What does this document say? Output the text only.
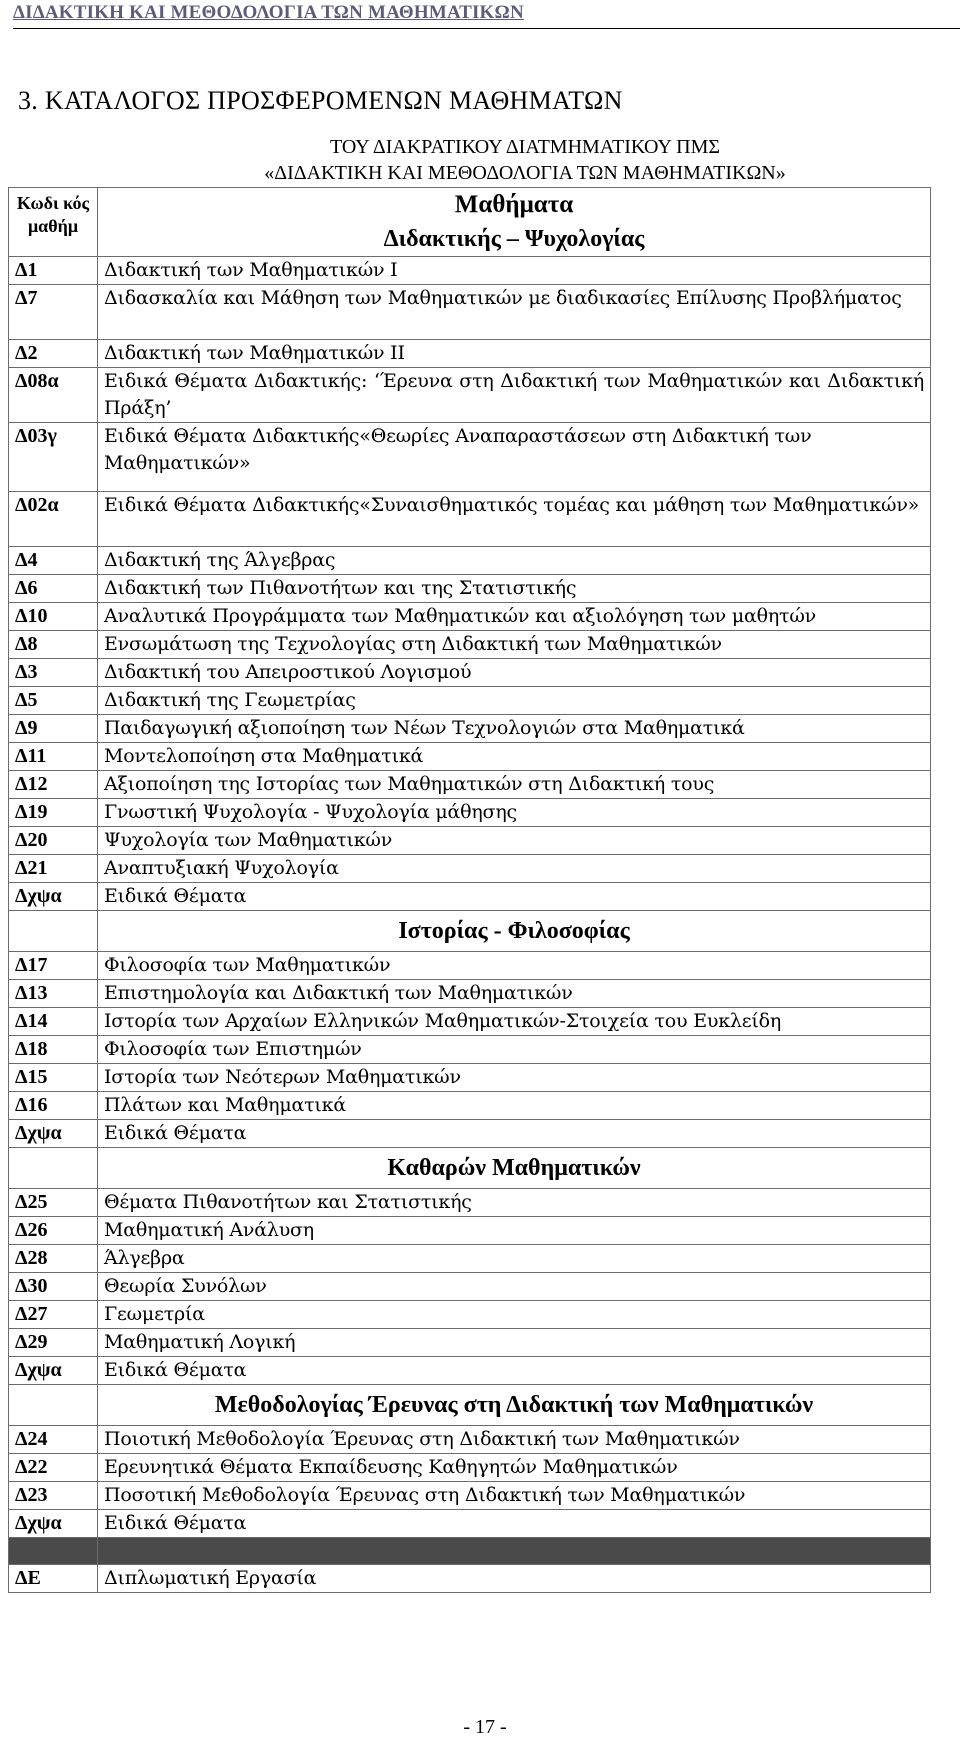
ΔΙΔΑΚΤΙΚΗ ΚΑΙ ΜΕΘΟΔΟΛΟΓΙΑ ΤΩΝ ΜΑΘΗΜΑΤΙΚΩΝ
3. ΚΑΤΑΛΟΓΟΣ ΠΡΟΣΦΕΡΟΜΕΝΩΝ ΜΑΘΗΜΑΤΩΝ
ΤΟΥ ΔΙΑΚΡΑΤΙΚΟΥ ΔΙΑΤΜΗΜΑΤΙΚΟΥ ΠΜΣ
«ΔΙΔΑΚΤΙΚΗ ΚΑΙ ΜΕΘΟΔΟΛΟΓΙΑ ΤΩΝ ΜΑΘΗΜΑΤΙΚΩΝ»
Κωδι κός μαθήμ	Μαθήματα
Διδακτικής – Ψυχολογίας

Δ1	Διδακτική των Μαθηματικών Ι
Δ7	Διδασκαλία και Μάθηση των Μαθηματικών με διαδικασίες Επίλυσης Προβλήματος
Δ2	Διδακτική των Μαθηματικών ΙΙ
Δ08α	Ειδικά Θέματα Διδακτικής: ‘Έρευνα στη Διδακτική των Μαθηματικών και Διδακτική Πράξη’
Δ03γ	Ειδικά Θέματα Διδακτικής«Θεωρίες Αναπαραστάσεων στη Διδακτική των Μαθηματικών»
Δ02α	Ειδικά Θέματα Διδακτικής«Συναισθηματικός τομέας και μάθηση των Μαθηματικών»
Δ4	Διδακτική της Άλγεβρας
Δ6	Διδακτική των Πιθανοτήτων και της Στατιστικής
Δ10	Αναλυτικά Προγράμματα των Μαθηματικών και αξιολόγηση των μαθητών
Δ8	Ενσωμάτωση της Τεχνολογίας στη Διδακτική των Μαθηματικών
Δ3	Διδακτική του Απειροστικού Λογισμού
Δ5	Διδακτική της Γεωμετρίας
Δ9	Παιδαγωγική αξιοποίηση των Νέων Τεχνολογιών στα Μαθηματικά
Δ11	Μοντελοποίηση στα Μαθηματικά
Δ12	Αξιοποίηση της Ιστορίας των Μαθηματικών στη Διδακτική τους
Δ19	Γνωστική Ψυχολογία - Ψυχολογία μάθησης
Δ20	Ψυχολογία των Μαθηματικών
Δ21	Αναπτυξιακή Ψυχολογία
Δχψα	Ειδικά Θέματα
	Ιστορίας - Φιλοσοφίας
Δ17	Φιλοσοφία των Μαθηματικών
Δ13	Επιστημολογία και Διδακτική των Μαθηματικών
Δ14	Ιστορία των Αρχαίων Ελληνικών Μαθηματικών-Στοιχεία του Ευκλείδη
Δ18	Φιλοσοφία των Επιστημών
Δ15	Ιστορία των Νεότερων Μαθηματικών
Δ16	Πλάτων και Μαθηματικά
Δχψα	Ειδικά Θέματα
	Καθαρών Μαθηματικών
Δ25	Θέματα Πιθανοτήτων και Στατιστικής
Δ26	Μαθηματική Ανάλυση
Δ28	Άλγεβρα
Δ30	Θεωρία Συνόλων
Δ27	Γεωμετρία
Δ29	Μαθηματική Λογική
Δχψα	Ειδικά Θέματα
	Μεθοδολογίας Έρευνας στη Διδακτική των Μαθηματικών
Δ24	Ποιοτική Μεθοδολογία Έρευνας στη Διδακτική των Μαθηματικών
Δ22	Ερευνητικά Θέματα Εκπαίδευσης Καθηγητών Μαθηματικών
Δ23	Ποσοτική Μεθοδολογία Έρευνας στη Διδακτική των Μαθηματικών
Δχψα	Ειδικά Θέματα

ΔΕ	Διπλωματική Εργασία
- 17 -
